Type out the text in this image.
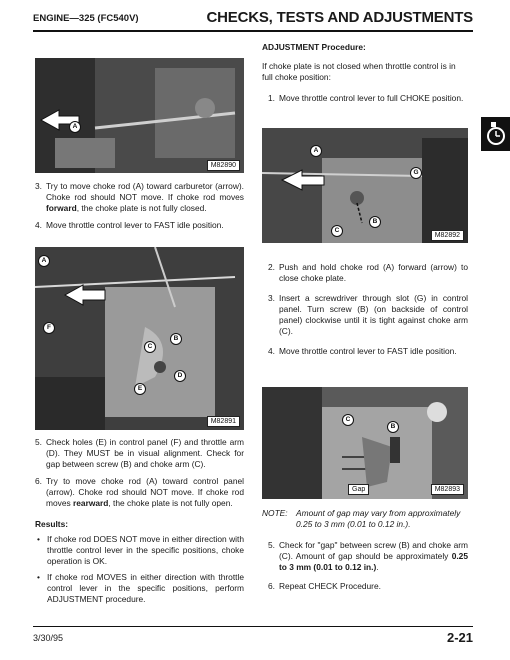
ENGINE—325 (FC540V)	CHECKS, TESTS AND ADJUSTMENTS
A
M82890
3. Try to move choke rod (A) toward carburetor (arrow). Choke rod should NOT move. If choke rod moves forward, the choke plate is not fully closed.
4. Move throttle control lever to FAST idle position.
A
F
B
C
D
E
M82891
5. Check holes (E) in control panel (F) and throttle arm (D). They MUST be in visual alignment. Check for gap between screw (B) and choke arm (C).
6. Try to move choke rod (A) toward control panel (arrow). Choke rod should NOT move. If choke rod moves rearward, the choke plate is not fully open.

Results:

• If choke rod DOES NOT move in either direction with throttle control lever in the specific positions, choke operation is OK.
• If choke rod MOVES in either direction with throttle control lever in the specific positions, perform ADJUSTMENT procedure.

ADJUSTMENT Procedure:

If choke plate is not closed when throttle control is in full choke position:

1. Move throttle control lever to full CHOKE position.
A
G
B
C
M82892
2. Push and hold choke rod (A) forward (arrow) to close choke plate.
3. Insert a screwdriver through slot (G) in control panel. Turn screw (B) (on backside of control panel) clockwise until it is tight against choke arm (C).
4. Move throttle control lever to FAST idle position.
C
B
Gap	M82893
NOTE:	Amount of gap may vary from approximately 0.25 to 3 mm (0.01 to 0.12 in.).
5. Check for "gap" between screw (B) and choke arm (C). Amount of gap should be approximately 0.25 to 3 mm (0.01 to 0.12 in.).
6. Repeat CHECK Procedure.
3/30/95	2-21
